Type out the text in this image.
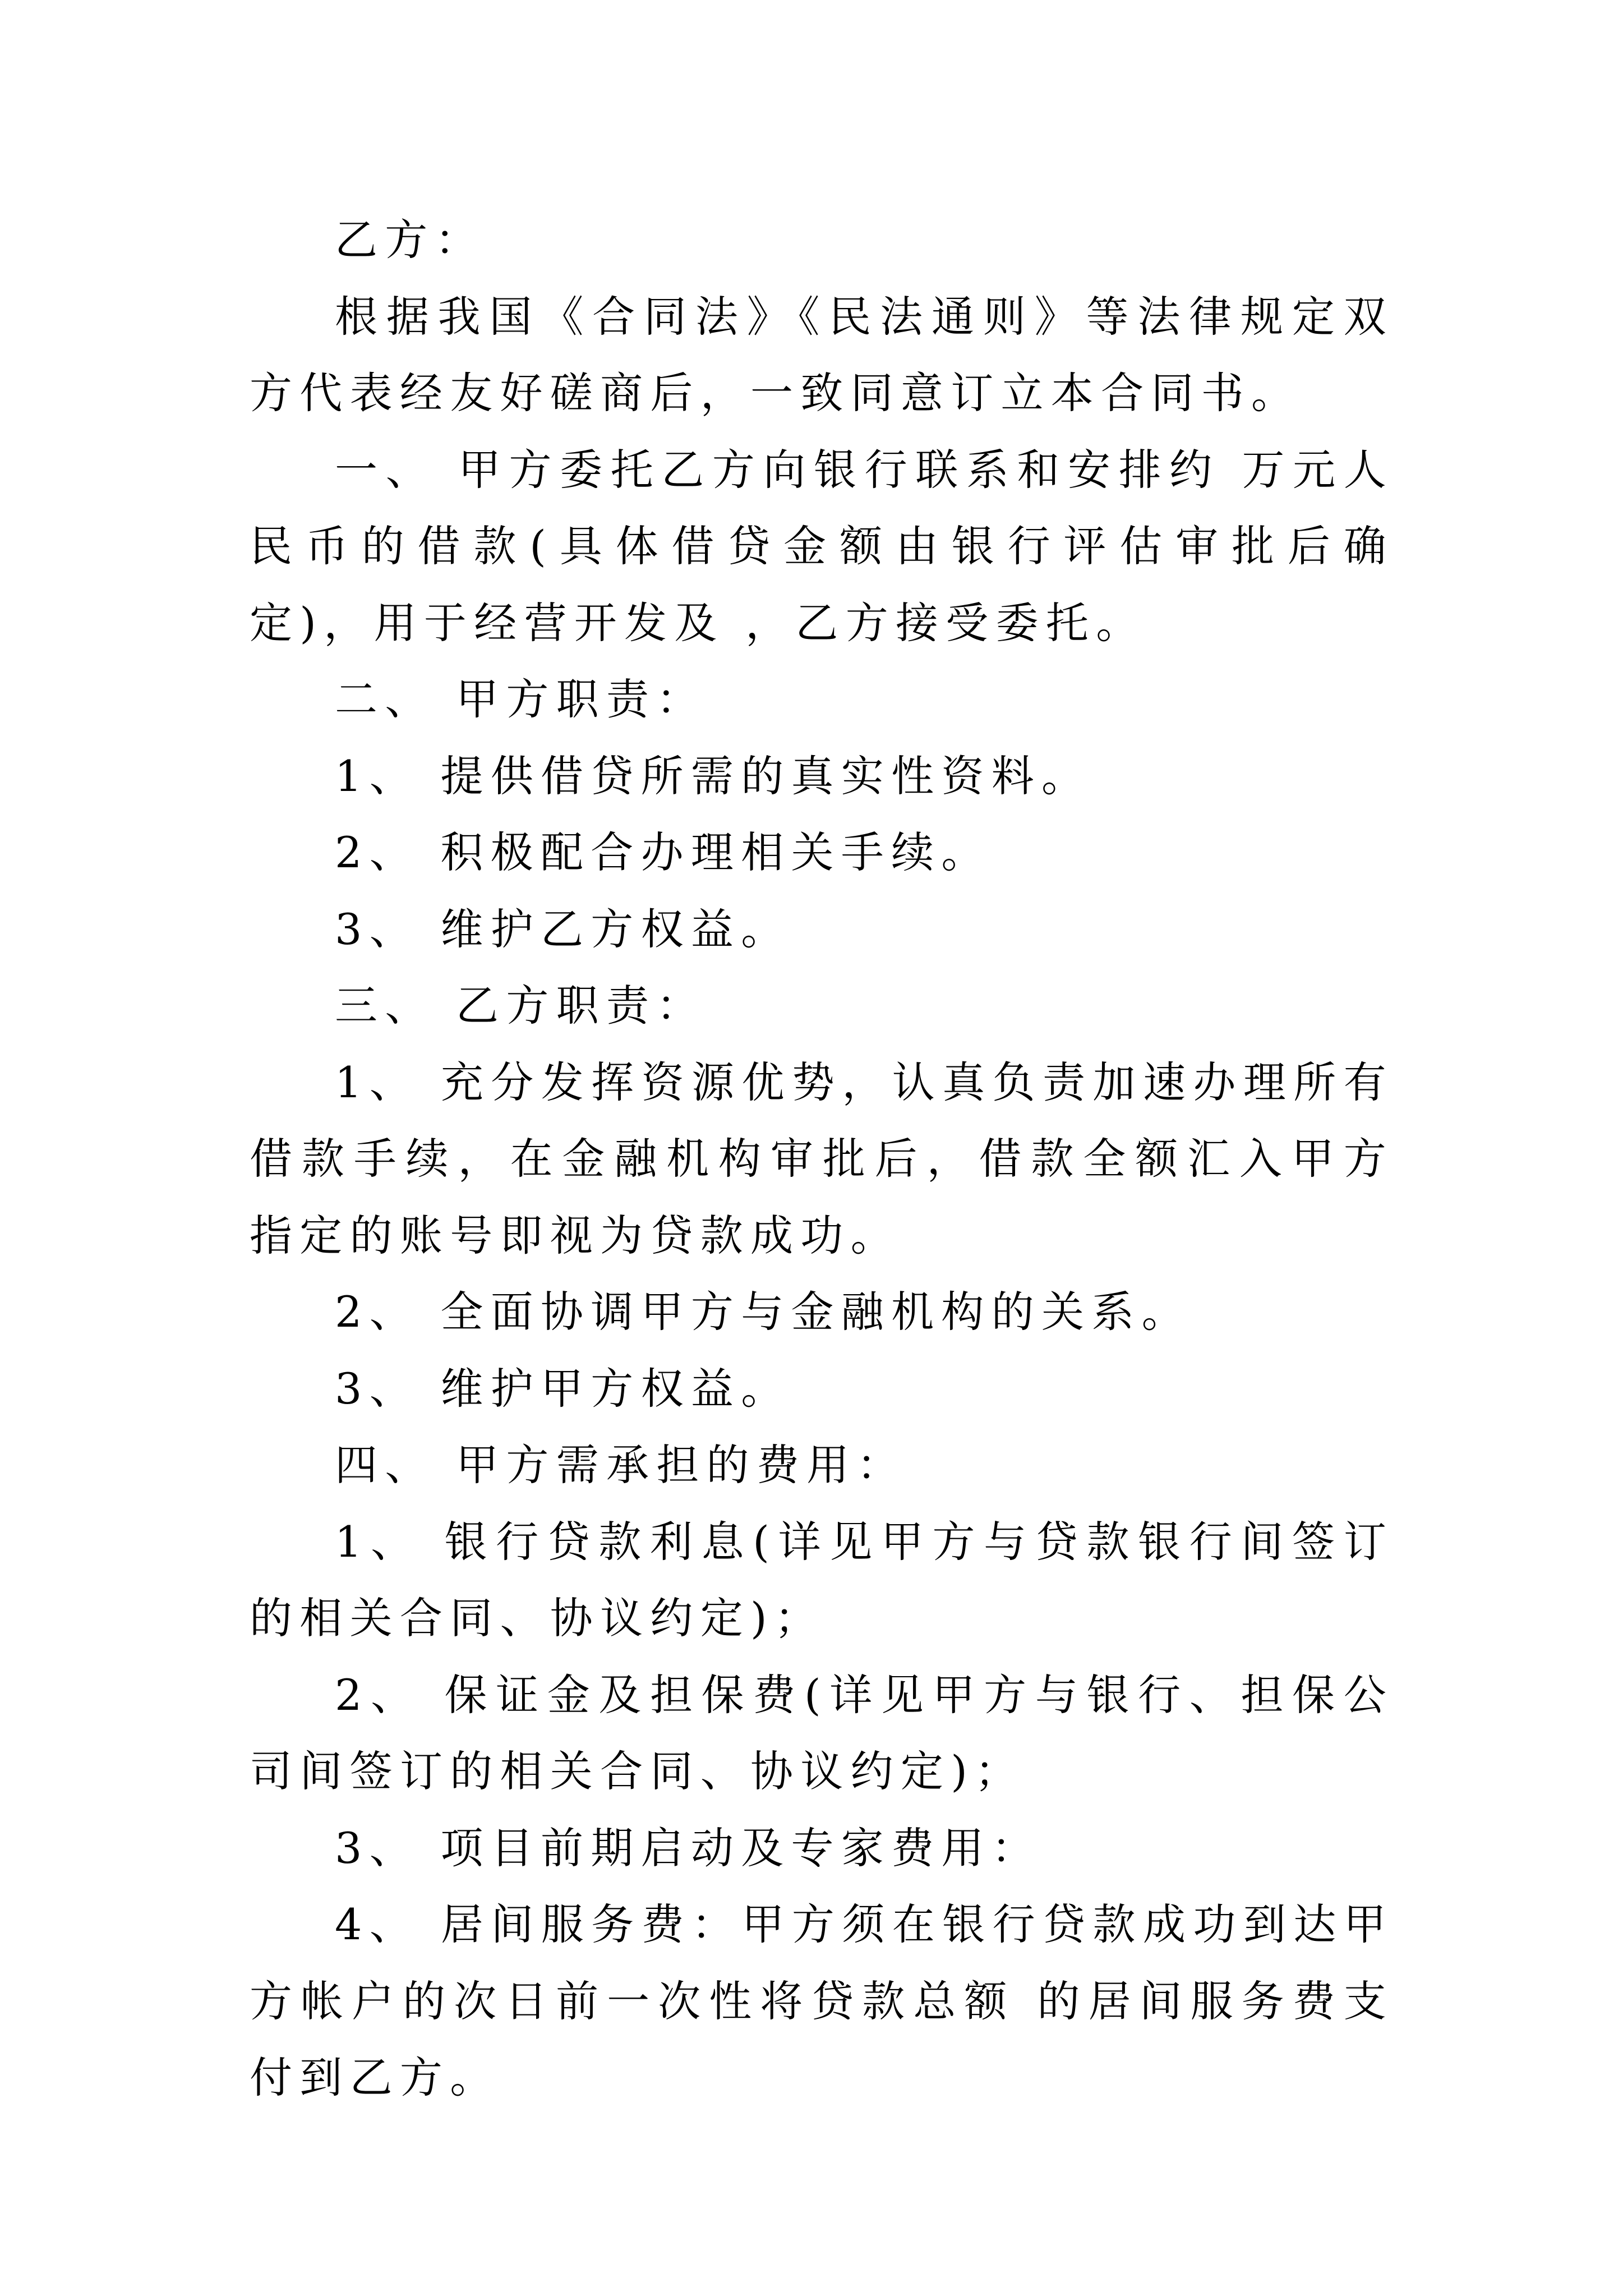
乙方：

根据我国《合同法》《民法通则》等法律规定双方代表经友好磋商后，一致同意订立本合同书。

一、 甲方委托乙方向银行联系和安排约 万元人民币的借款(具体借贷金额由银行评估审批后确定)，用于经营开发及 ，乙方接受委托。

二、 甲方职责：

1、 提供借贷所需的真实性资料。

2、 积极配合办理相关手续。

3、 维护乙方权益。

三、 乙方职责：

1、 充分发挥资源优势，认真负责加速办理所有借款手续，在金融机构审批后，借款全额汇入甲方指定的账号即视为贷款成功。

2、 全面协调甲方与金融机构的关系。

3、 维护甲方权益。

四、 甲方需承担的费用：

1、 银行贷款利息(详见甲方与贷款银行间签订的相关合同、协议约定)；

2、 保证金及担保费(详见甲方与银行、担保公司间签订的相关合同、协议约定)；

3、 项目前期启动及专家费用：

4、 居间服务费：甲方须在银行贷款成功到达甲方帐户的次日前一次性将贷款总额 的居间服务费支付到乙方。
